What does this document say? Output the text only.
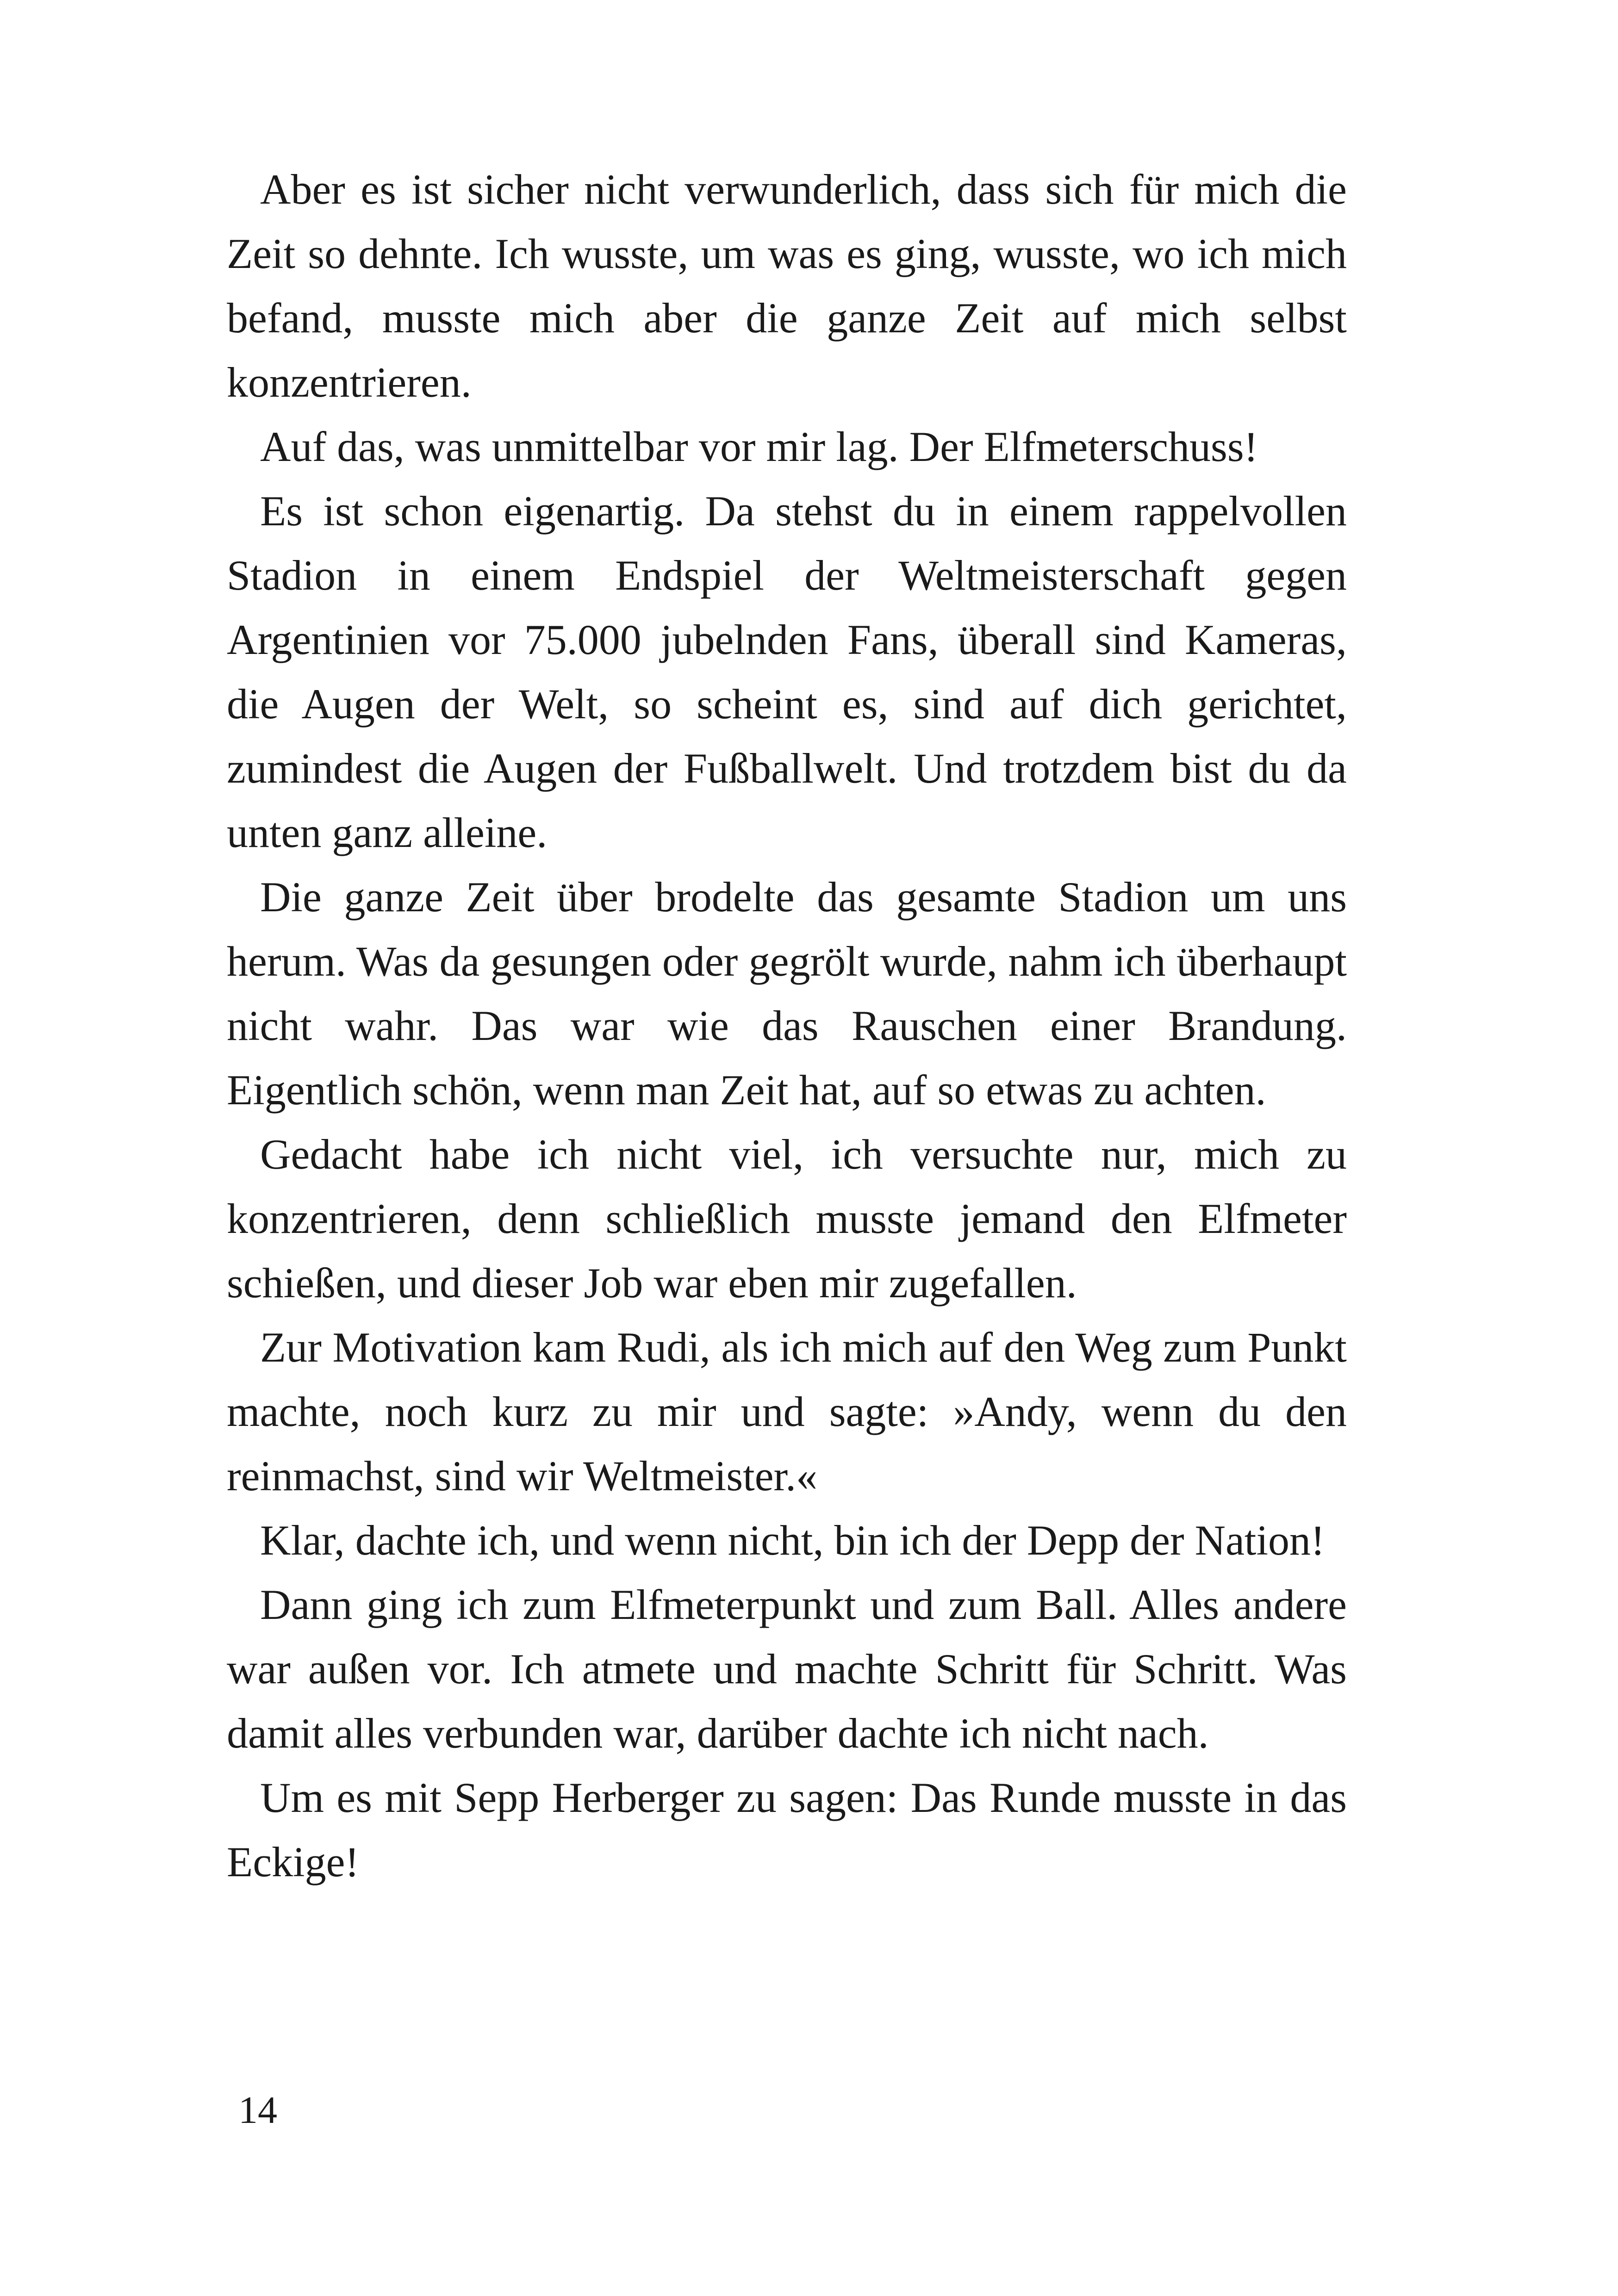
Aber es ist sicher nicht verwunderlich, dass sich für mich die Zeit so dehnte. Ich wusste, um was es ging, wusste, wo ich mich befand, musste mich aber die ganze Zeit auf mich selbst konzentrieren.

Auf das, was unmittelbar vor mir lag. Der Elfmeterschuss!

Es ist schon eigenartig. Da stehst du in einem rappelvollen Stadion in einem Endspiel der Weltmeisterschaft gegen Argentinien vor 75.000 jubelnden Fans, überall sind Kameras, die Augen der Welt, so scheint es, sind auf dich gerichtet, zumindest die Augen der Fußballwelt. Und trotzdem bist du da unten ganz alleine.

Die ganze Zeit über brodelte das gesamte Stadion um uns herum. Was da gesungen oder gegrölt wurde, nahm ich überhaupt nicht wahr. Das war wie das Rauschen einer Brandung. Eigentlich schön, wenn man Zeit hat, auf so etwas zu achten.

Gedacht habe ich nicht viel, ich versuchte nur, mich zu konzentrieren, denn schließlich musste jemand den Elfmeter schießen, und dieser Job war eben mir zugefallen.

Zur Motivation kam Rudi, als ich mich auf den Weg zum Punkt machte, noch kurz zu mir und sagte: »Andy, wenn du den reinmachst, sind wir Weltmeister.«

Klar, dachte ich, und wenn nicht, bin ich der Depp der Nation!

Dann ging ich zum Elfmeterpunkt und zum Ball. Alles andere war außen vor. Ich atmete und machte Schritt für Schritt. Was damit alles verbunden war, darüber dachte ich nicht nach.

Um es mit Sepp Herberger zu sagen: Das Runde musste in das Eckige!

14
